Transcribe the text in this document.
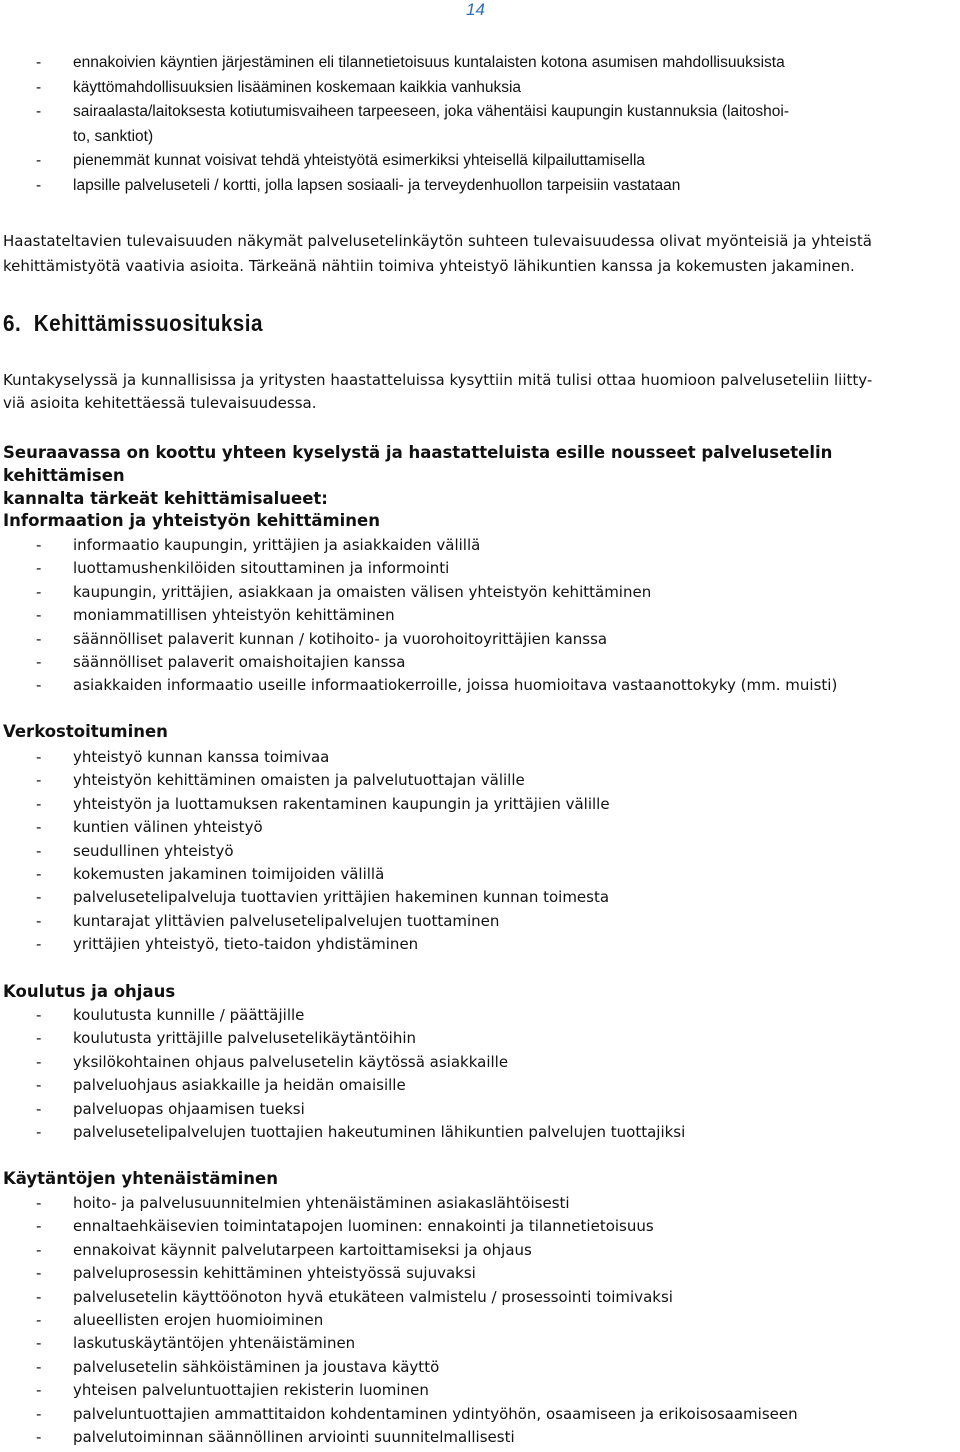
14
- ennakoivien käyntien järjestäminen eli tilannetietoisuus kuntalaisten kotona asumisen mahdollisuuksista
- käyttömahdollisuuksien lisääminen koskemaan kaikkia vanhuksia
- sairaalasta/laitoksesta kotiutumisvaiheen tarpeeseen, joka vähentäisi kaupungin kustannuksia (laitoshoi-
to, sanktiot)
- pienemmät kunnat voisivat tehdä yhteistyötä esimerkiksi yhteisellä kilpailuttamisella
- lapsille palveluseteli / kortti, jolla lapsen sosiaali- ja terveydenhuollon tarpeisiin vastataan

Haastateltavien tulevaisuuden näkymät palvelusetelinkäytön suhteen tulevaisuudessa olivat myönteisiä ja yhteistä
kehittämistyötä vaativia asioita. Tärkeänä nähtiin toimiva yhteistyö lähikuntien kanssa ja kokemusten jakaminen.

6. Kehittämissuosituksia

Kuntakyselyssä ja kunnallisissa ja yritysten haastatteluissa kysyttiin mitä tulisi ottaa huomioon palveluseteliin liitty-
viä asioita kehitettäessä tulevaisuudessa.

Seuraavassa on koottu yhteen kyselystä ja haastatteluista esille nousseet palvelusetelin kehittämisen
kannalta tärkeät kehittämisalueet:

Informaation ja yhteistyön kehittäminen
- informaatio kaupungin, yrittäjien ja asiakkaiden välillä
- luottamushenkilöiden sitouttaminen ja informointi
- kaupungin, yrittäjien, asiakkaan ja omaisten välisen yhteistyön kehittäminen
- moniammatillisen yhteistyön kehittäminen
- säännölliset palaverit kunnan / kotihoito- ja vuorohoitoyrittäjien kanssa
- säännölliset palaverit omaishoitajien kanssa
- asiakkaiden informaatio useille informaatiokerroille, joissa huomioitava vastaanottokyky (mm. muisti)
Verkostoituminen
- yhteistyö kunnan kanssa toimivaa
- yhteistyön kehittäminen omaisten ja palvelutuottajan välille
- yhteistyön ja luottamuksen rakentaminen kaupungin ja yrittäjien välille
- kuntien välinen yhteistyö
- seudullinen yhteistyö
- kokemusten jakaminen toimijoiden välillä
- palvelusetelipalveluja tuottavien yrittäjien hakeminen kunnan toimesta
- kuntarajat ylittävien palvelusetelipalvelujen tuottaminen
- yrittäjien yhteistyö, tieto-taidon yhdistäminen
Koulutus ja ohjaus
- koulutusta kunnille / päättäjille
- koulutusta yrittäjille palvelusetelikäytäntöihin
- yksilökohtainen ohjaus palvelusetelin käytössä asiakkaille
- palveluohjaus asiakkaille ja heidän omaisille
- palveluopas ohjaamisen tueksi
- palvelusetelipalvelujen tuottajien hakeutuminen lähikuntien palvelujen tuottajiksi
Käytäntöjen yhtenäistäminen
- hoito- ja palvelusuunnitelmien yhtenäistäminen asiakaslähtöisesti
- ennaltaehkäisevien toimintatapojen luominen: ennakointi ja tilannetietoisuus
- ennakoivat käynnit palvelutarpeen kartoittamiseksi ja ohjaus
- palveluprosessin kehittäminen yhteistyössä sujuvaksi
- palvelusetelin käyttöönoton hyvä etukäteen valmistelu / prosessointi toimivaksi
- alueellisten erojen huomioiminen
- laskutuskäytäntöjen yhtenäistäminen
- palvelusetelin sähköistäminen ja joustava käyttö
- yhteisen palveluntuottajien rekisterin luominen
- palveluntuottajien ammattitaidon kohdentaminen ydintyöhön, osaamiseen ja erikoisosaamiseen
- palvelutoiminnan säännöllinen arviointi suunnitelmallisesti
